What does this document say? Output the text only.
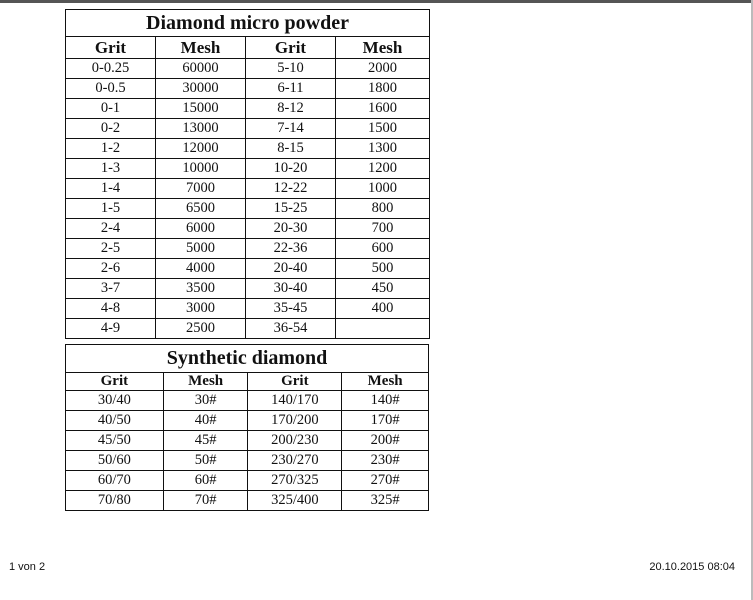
Diamond micro powder			
Grit	Mesh	Grit	Mesh
0-0.25	60000	5-10	2000
0-0.5	30000	6-11	1800
0-1	15000	8-12	1600
0-2	13000	7-14	1500
1-2	12000	8-15	1300
1-3	10000	10-20	1200
1-4	7000	12-22	1000
1-5	6500	15-25	800
2-4	6000	20-30	700
2-5	5000	22-36	600
2-6	4000	20-40	500
3-7	3500	30-40	450
4-8	3000	35-45	400
4-9	2500	36-54	
Synthetic diamond			
Grit	Mesh	Grit	Mesh
30/40	30#	140/170	140#
40/50	40#	170/200	170#
45/50	45#	200/230	200#
50/60	50#	230/270	230#
60/70	60#	270/325	270#
70/80	70#	325/400	325#
1 von 2	20.10.2015 08:04
